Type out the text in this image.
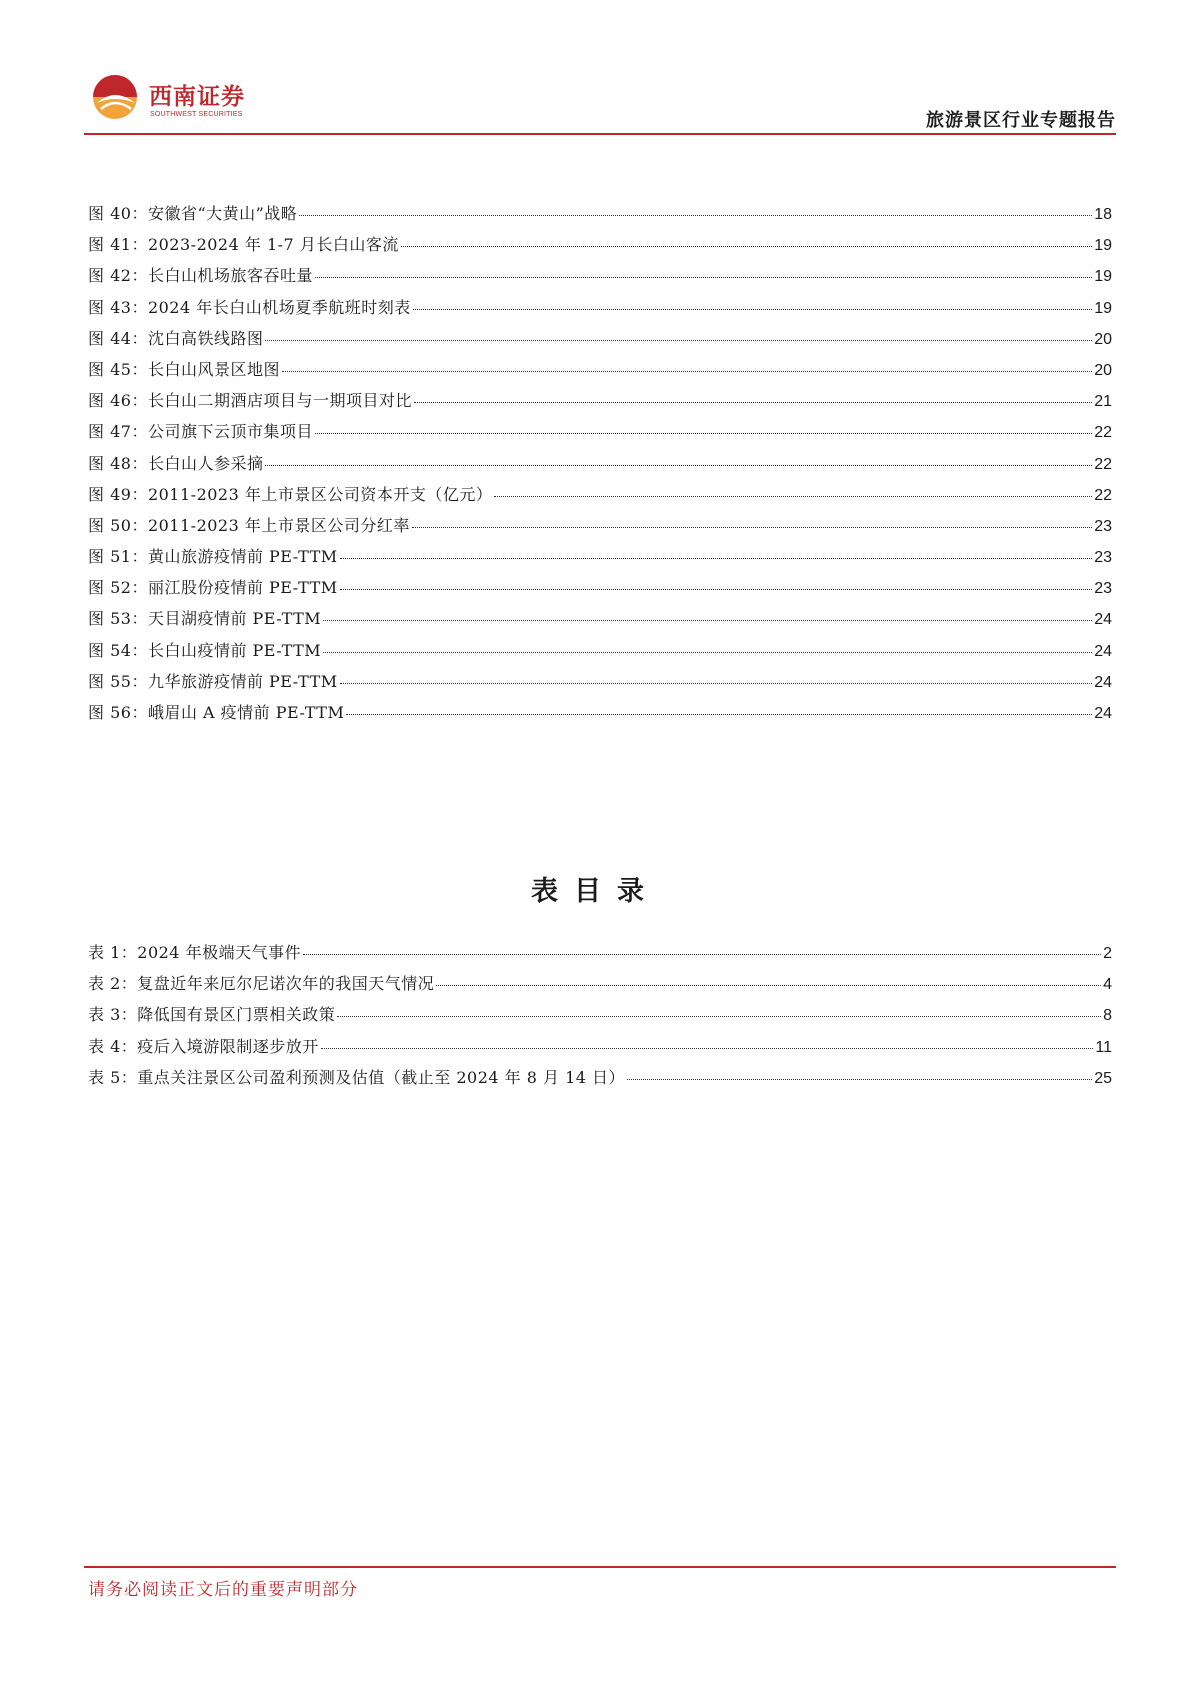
西南证券
SOUTHWEST SECURITIES	旅游景区行业专题报告
图 40：安徽省“大黄山”战略	18
图 41：2023-2024 年 1-7 月长白山客流	19
图 42：长白山机场旅客吞吐量	19
图 43：2024 年长白山机场夏季航班时刻表	19
图 44：沈白高铁线路图	20
图 45：长白山风景区地图	20
图 46：长白山二期酒店项目与一期项目对比	21
图 47：公司旗下云顶市集项目	22
图 48：长白山人参采摘	22
图 49：2011-2023 年上市景区公司资本开支（亿元）	22
图 50：2011-2023 年上市景区公司分红率	23
图 51：黄山旅游疫情前 PE-TTM	23
图 52：丽江股份疫情前 PE-TTM	23
图 53：天目湖疫情前 PE-TTM	24
图 54：长白山疫情前 PE-TTM	24
图 55：九华旅游疫情前 PE-TTM	24
图 56：峨眉山 A 疫情前 PE-TTM	24
表目录
表 1：2024 年极端天气事件	2
表 2：复盘近年来厄尔尼诺次年的我国天气情况	4
表 3：降低国有景区门票相关政策	8
表 4：疫后入境游限制逐步放开	11
表 5：重点关注景区公司盈利预测及估值（截止至 2024 年 8 月 14 日）	25
请务必阅读正文后的重要声明部分
